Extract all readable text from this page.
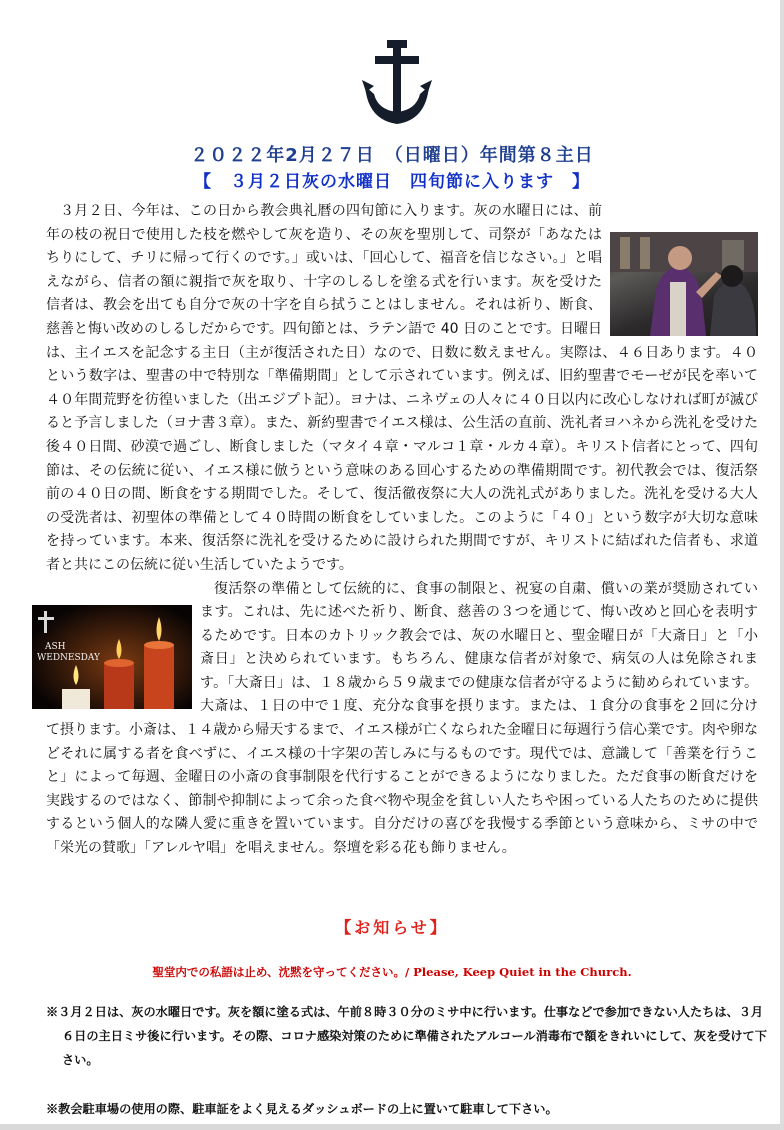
２０２２年2月２７日　（日曜日）年間第８主日
【　３月２日灰の水曜日　四旬節に入ります　】

３月２日、今年は、この日から教会典礼暦の四旬節に入ります。灰の水曜日には、前年の枝の祝日で使用した枝を燃やして灰を造り、その灰を聖別して、司祭が「あなたはちりにして、チリに帰って行くのです。」或いは、「回心して、福音を信じなさい。」と唱えながら、信者の額に親指で灰を取り、十字のしるしを塗る式を行います。灰を受けた信者は、教会を出ても自分で灰の十字を自ら拭うことはしません。それは祈り、断食、慈善と悔い改めのしるしだからです。四旬節とは、ラテン語で 40 日のことです。日曜日は、主イエスを記念する主日（主が復活された日）なので、日数に数えません。実際は、４６日あります。４０という数字は、聖書の中で特別な「準備期間」として示されています。例えば、旧約聖書でモーゼが民を率いて４０年間荒野を彷徨いました（出エジプト記）。ヨナは、ニネヴェの人々に４０日以内に改心しなければ町が滅びると予言しました（ヨナ書３章）。また、新約聖書でイエス様は、公生活の直前、洗礼者ヨハネから洗礼を受けた後４０日間、砂漠で過ごし、断食しました（マタイ４章・マルコ１章・ルカ４章）。キリスト信者にとって、四旬節は、その伝統に従い、イエス様に倣うという意味のある回心するための準備期間です。初代教会では、復活祭前の４０日の間、断食をする期間でした。そして、復活徹夜祭に大人の洗礼式がありました。洗礼を受ける大人の受洗者は、初聖体の準備として４０時間の断食をしていました。このように「４０」という数字が大切な意味を持っています。本来、復活祭に洗礼を受けるために設けられた期間ですが、キリストに結ばれた信者も、求道者と共にこの伝統に従い生活していたようです。

ASH
WEDNESDAY

復活祭の準備として伝統的に、食事の制限と、祝宴の自粛、償いの業が奨励されています。これは、先に述べた祈り、断食、慈善の３つを通じて、悔い改めと回心を表明するためです。日本のカトリック教会では、灰の水曜日と、聖金曜日が「大斎日」と「小斎日」と決められています。もちろん、健康な信者が対象で、病気の人は免除されます。「大斎日」は、１８歳から５９歳までの健康な信者が守るように勧められています。大斎は、１日の中で１度、充分な食事を摂ります。または、１食分の食事を２回に分けて摂ります。小斎は、１４歳から帰天するまで、イエス様が亡くなられた金曜日に毎週行う信心業です。肉や卵などそれに属する者を食べずに、イエス様の十字架の苦しみに与るものです。現代では、意識して「善業を行うこと」によって毎週、金曜日の小斎の食事制限を代行することができるようになりました。ただ食事の断食だけを実践するのではなく、節制や抑制によって余った食べ物や現金を貧しい人たちや困っている人たちのために提供するという個人的な隣人愛に重きを置いています。自分だけの喜びを我慢する季節という意味から、ミサの中で「栄光の賛歌」「アレルヤ唱」を唱えません。祭壇を彩る花も飾りません。

【お知らせ】
聖堂内での私語は止め、沈黙を守ってください。/ Please, Keep Quiet in the Church.
※３月２日は、灰の水曜日です。灰を額に塗る式は、午前８時３０分のミサ中に行います。仕事などで参加できない人たちは、３月６日の主日ミサ後に行います。その際、コロナ感染対策のために準備されたアルコール消毒布で額をきれいにして、灰を受けて下さい。
※教会駐車場の使用の際、駐車証をよく見えるダッシュボードの上に置いて駐車して下さい。
